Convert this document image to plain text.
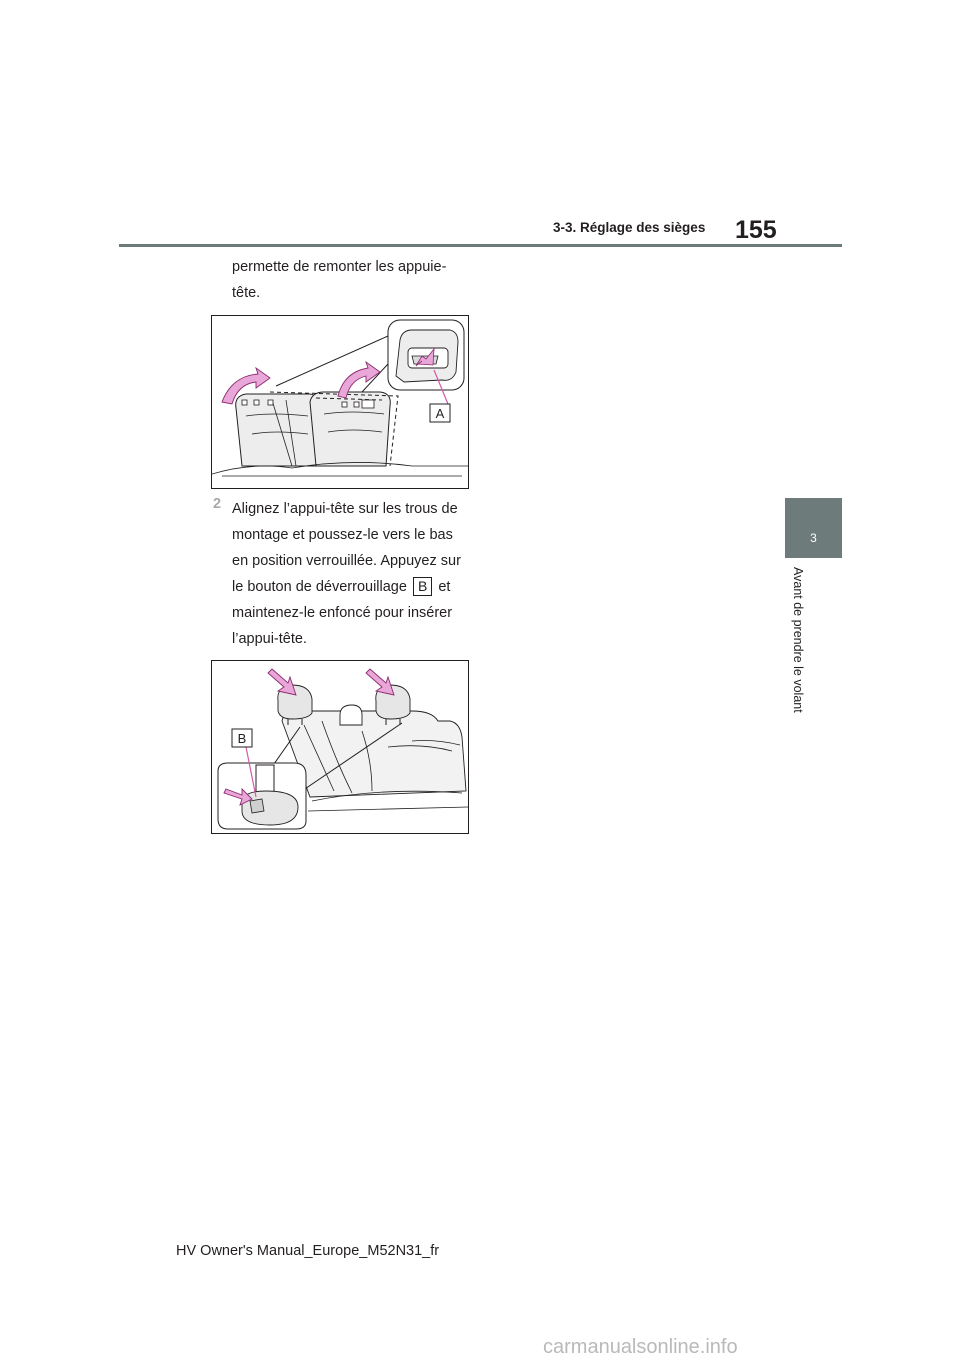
155
3-3. Réglage des sièges
3
Avant de prendre le volant
permette de remonter les appuie-
tête.
A
2 Alignez l’appui-tête sur les trous de
montage et poussez-le vers le bas
en position verrouillée. Appuyez sur
le bouton de déverrouillage B et
maintenez-le enfoncé pour insérer
l’appui-tête.
B
HV Owner's Manual_Europe_M52N31_fr
carmanualsonline.info
